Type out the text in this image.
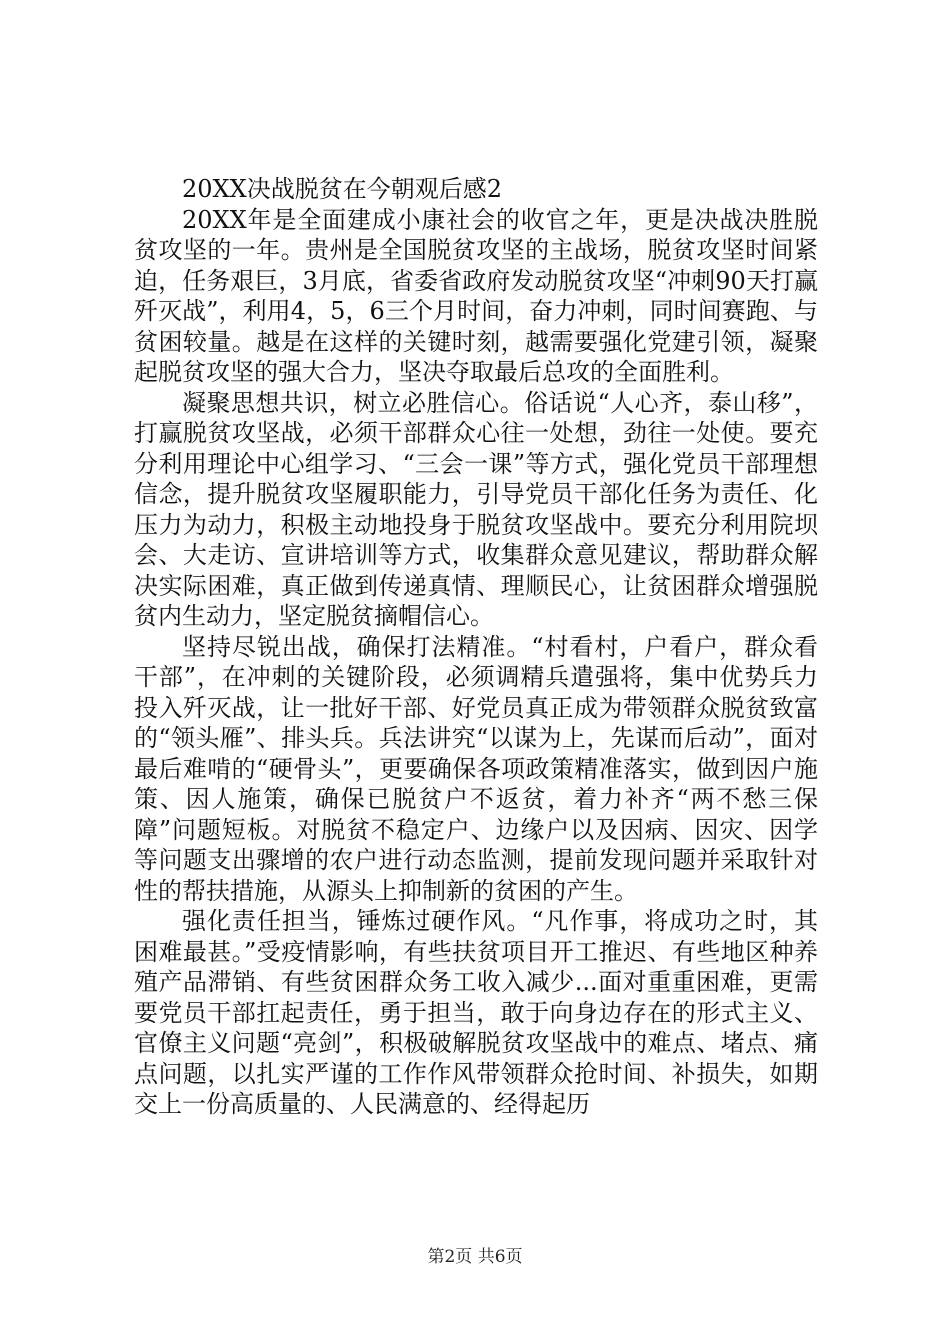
20XX决战脱贫在今朝观后感2

20XX年是全面建成小康社会的收官之年，更是决战决胜脱贫攻坚的一年。贵州是全国脱贫攻坚的主战场，脱贫攻坚时间紧迫，任务艰巨，3月底，省委省政府发动脱贫攻坚“冲刺90天打赢歼灭战”，利用4，5，6三个月时间，奋力冲刺，同时间赛跑、与贫困较量。越是在这样的关键时刻，越需要强化党建引领，凝聚起脱贫攻坚的强大合力，坚决夺取最后总攻的全面胜利。

凝聚思想共识，树立必胜信心。俗话说“人心齐，泰山移”，打赢脱贫攻坚战，必须干部群众心往一处想，劲往一处使。要充分利用理论中心组学习、“三会一课”等方式，强化党员干部理想信念，提升脱贫攻坚履职能力，引导党员干部化任务为责任、化压力为动力，积极主动地投身于脱贫攻坚战中。要充分利用院坝会、大走访、宣讲培训等方式，收集群众意见建议，帮助群众解决实际困难，真正做到传递真情、理顺民心，让贫困群众增强脱贫内生动力，坚定脱贫摘帽信心。

坚持尽锐出战，确保打法精准。“村看村，户看户，群众看干部”，在冲刺的关键阶段，必须调精兵遣强将，集中优势兵力投入歼灭战，让一批好干部、好党员真正成为带领群众脱贫致富的“领头雁”、排头兵。兵法讲究“以谋为上，先谋而后动”，面对最后难啃的“硬骨头”，更要确保各项政策精准落实，做到因户施策、因人施策，确保已脱贫户不返贫，着力补齐“两不愁三保障”问题短板。对脱贫不稳定户、边缘户以及因病、因灾、因学等问题支出骤增的农户进行动态监测，提前发现问题并采取针对性的帮扶措施，从源头上抑制新的贫困的产生。

强化责任担当，锤炼过硬作风。“凡作事，将成功之时，其困难最甚。”受疫情影响，有些扶贫项目开工推迟、有些地区种养殖产品滞销、有些贫困群众务工收入减少...面对重重困难，更需要党员干部扛起责任，勇于担当，敢于向身边存在的形式主义、官僚主义问题“亮剑”，积极破解脱贫攻坚战中的难点、堵点、痛点问题，以扎实严谨的工作作风带领群众抢时间、补损失，如期交上一份高质量的、人民满意的、经得起历

第2页 共6页
